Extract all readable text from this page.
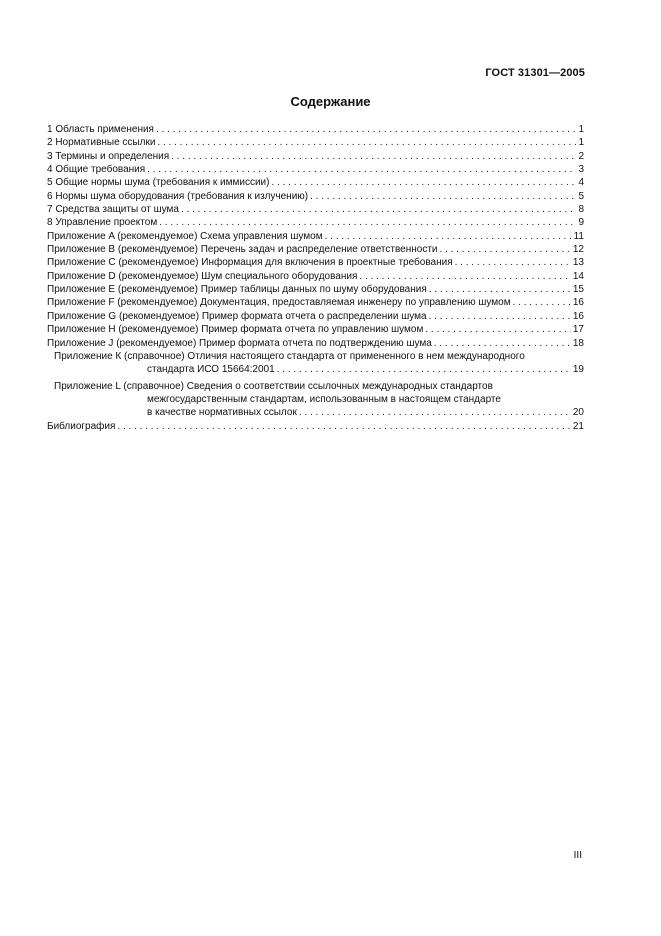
ГОСТ 31301—2005
Содержание
1 Область применения . . .	1
2 Нормативные ссылки . . .	1
3 Термины и определения . . .	2
4 Общие требования . . .	3
5 Общие нормы шума (требования к иммиссии) . . .	4
6 Нормы шума оборудования (требования к излучению) . . .	5
7 Средства защиты от шума . . .	8
8 Управление проектом . . .	9
Приложение A (рекомендуемое) Схема управления шумом . . .	11
Приложение B (рекомендуемое) Перечень задач и распределение ответственности . . .	12
Приложение C (рекомендуемое) Информация для включения в проектные требования . . .	13
Приложение D (рекомендуемое) Шум специального оборудования . . .	14
Приложение E (рекомендуемое) Пример таблицы данных по шуму оборудования . . .	15
Приложение F (рекомендуемое) Документация, предоставляемая инженеру по управлению шумом . . .	16
Приложение G (рекомендуемое) Пример формата отчета о распределении шума . . .	16
Приложение H (рекомендуемое) Пример формата отчета по управлению шумом . . .	17
Приложение J (рекомендуемое) Пример формата отчета по подтверждению шума . . .	18
Приложение К (справочное) Отличия настоящего стандарта от примененного в нем международного
стандарта ИСО 15664:2001 . . .	19
Приложение L (справочное) Сведения о соответствии ссылочных международных стандартов
межгосударственным стандартам, использованным в настоящем стандарте
в качестве нормативных ссылок . . .	20
Библиография . . .	21
III
